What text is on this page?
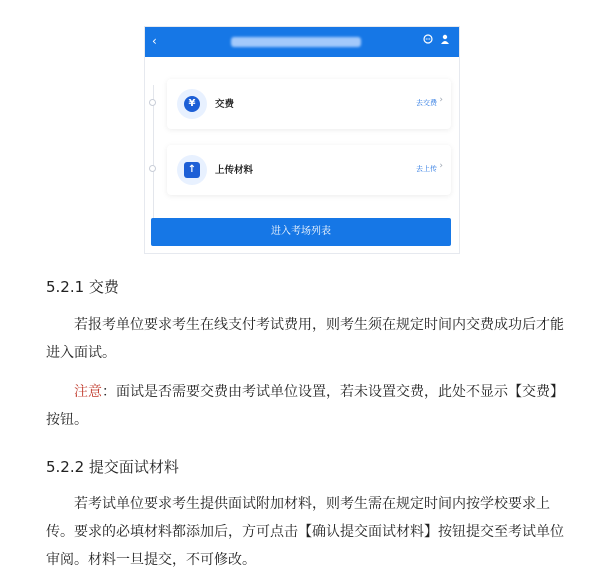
‹
¥	交费	去交费 ›
↑	上传材料	去上传 ›
进入考场列表
5.2.1 交费

若报考单位要求考生在线支付考试费用，则考生须在规定时间内交费成功后才能进入面试。

注意：面试是否需要交费由考试单位设置，若未设置交费，此处不显示【交费】按钮。

5.2.2 提交面试材料

若考试单位要求考生提供面试附加材料，则考生需在规定时间内按学校要求上传。要求的必填材料都添加后，方可点击【确认提交面试材料】按钮提交至考试单位审阅。材料一旦提交，不可修改。
